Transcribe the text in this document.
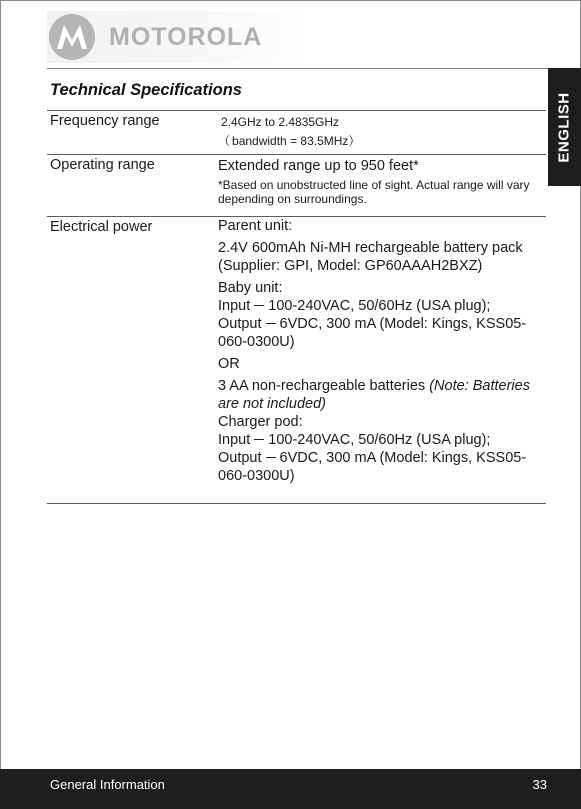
MOTOROLA
ENGLISH
Technical Specifications
Frequency range	2.4GHz to 2.4835GHz
（ bandwidth = 83.5MHz）
Operating range	Extended range up to 950 feet*
*Based on unobstructed line of sight. Actual range will vary depending on surroundings.
Electrical power	Parent unit:

2.4V 600mAh Ni-MH rechargeable battery pack (Supplier: GPI, Model: GP60AAAH2BXZ)

Baby unit:

Input 100-240VAC, 50/60Hz (USA plug);

Output 6VDC, 300 mA (Model: Kings, KSS05-060-0300U)

OR

3 AA non-rechargeable batteries (Note: Batteries are not included)

Charger pod:

Input 100-240VAC, 50/60Hz (USA plug);

Output 6VDC, 300 mA (Model: Kings, KSS05-060-0300U)

General Information	33
